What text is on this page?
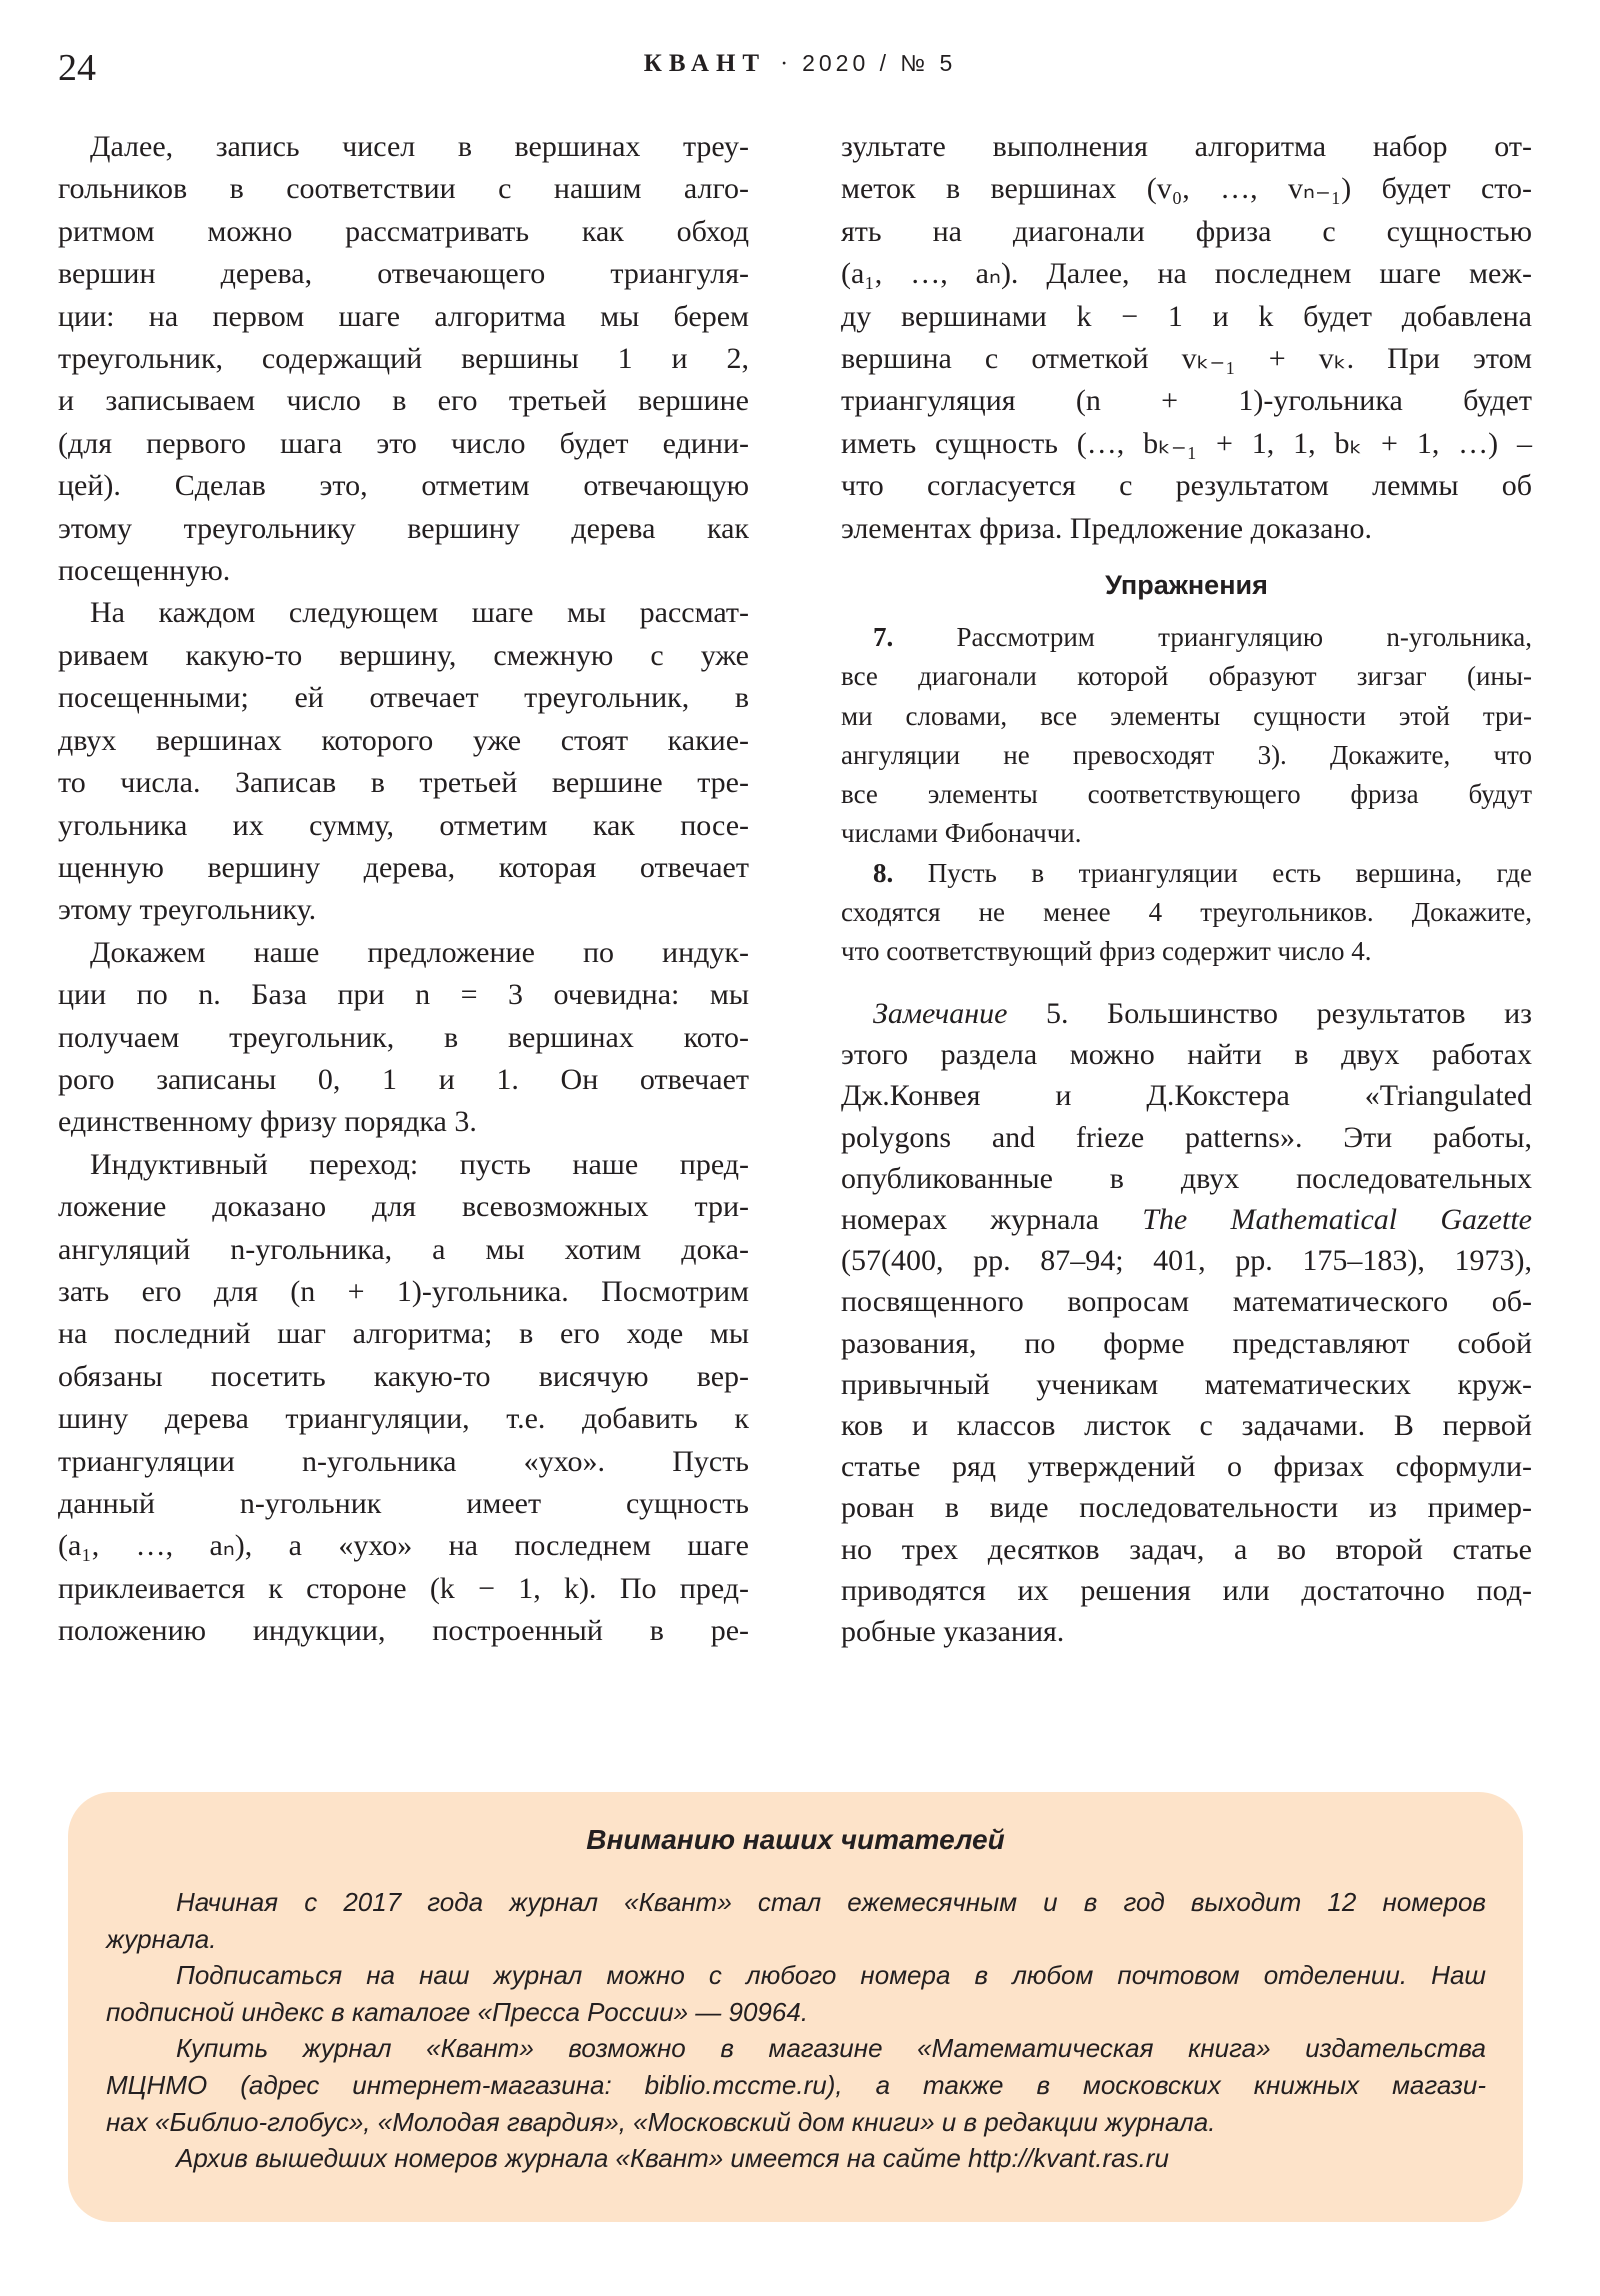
24	КВАНТ · 2020 / № 5
Далее, запись чисел в вершинах треу-
гольников в соответствии с нашим алго-
ритмом можно рассматривать как обход
вершин дерева, отвечающего триангуля-
ции: на первом шаге алгоритма мы берем
треугольник, содержащий вершины 1 и 2,
и записываем число в его третьей вершине
(для первого шага это число будет едини-
цей). Сделав это, отметим отвечающую
этому треугольнику вершину дерева как
посещенную.
На каждом следующем шаге мы рассмат-
риваем какую-то вершину, смежную с уже
посещенными; ей отвечает треугольник, в
двух вершинах которого уже стоят какие-
то числа. Записав в третьей вершине тре-
угольника их сумму, отметим как посе-
щенную вершину дерева, которая отвечает
этому треугольнику.
Докажем наше предложение по индук-
ции по n. База при n = 3 очевидна: мы
получаем треугольник, в вершинах кото-
рого записаны 0, 1 и 1. Он отвечает
единственному фризу порядка 3.
Индуктивный переход: пусть наше пред-
ложение доказано для всевозможных три-
ангуляций n-угольника, а мы хотим дока-
зать его для (n + 1)-угольника. Посмотрим
на последний шаг алгоритма; в его ходе мы
обязаны посетить какую-то висячую вер-
шину дерева триангуляции, т.е. добавить к
триангуляции n-угольника «ухо». Пусть
данный n-угольник имеет сущность
(a₁, …, aₙ), а «ухо» на последнем шаге
приклеивается к стороне (k − 1, k). По пред-
положению индукции, построенный в ре-
зультате выполнения алгоритма набор от-
меток в вершинах (v₀, …, vₙ₋₁) будет сто-
ять на диагонали фриза с сущностью
(a₁, …, aₙ). Далее, на последнем шаге меж-
ду вершинами k − 1 и k будет добавлена
вершина с отметкой vₖ₋₁ + vₖ. При этом
триангуляция (n + 1)-угольника будет
иметь сущность (…, bₖ₋₁ + 1, 1, bₖ + 1, …) –
что согласуется с результатом леммы об
элементах фриза. Предложение доказано.
Упражнения
7. Рассмотрим триангуляцию n-угольника,
все диагонали которой образуют зигзаг (ины-
ми словами, все элементы сущности этой три-
ангуляции не превосходят 3). Докажите, что
все элементы соответствующего фриза будут
числами Фибоначчи.
8. Пусть в триангуляции есть вершина, где
сходятся не менее 4 треугольников. Докажите,
что соответствующий фриз содержит число 4.
Замечание 5. Большинство результатов из
этого раздела можно найти в двух работах
Дж.Конвея и Д.Кокстера «Triangulated
polygons and frieze patterns». Эти работы,
опубликованные в двух последовательных
номерах журнала The Mathematical Gazette
(57(400, pp. 87–94; 401, pp. 175–183), 1973),
посвященного вопросам математического об-
разования, по форме представляют собой
привычный ученикам математических круж-
ков и классов листок с задачами. В первой
статье ряд утверждений о фризах сформули-
рован в виде последовательности из пример-
но трех десятков задач, а во второй статье
приводятся их решения или достаточно под-
робные указания.
Вниманию наших читателей
Начиная с 2017 года журнал «Квант» стал ежемесячным и в год выходит 12 номеров
журнала.
Подписаться на наш журнал можно с любого номера в любом почтовом отделении. Наш
подписной индекс в каталоге «Пресса России» — 90964.
Купить журнал «Квант» возможно в магазине «Математическая книга» издательства
МЦНМО (адрес интернет-магазина: biblio.mccme.ru), а также в московских книжных магази-
нах «Библио-глобус», «Молодая гвардия», «Московский дом книги» и в редакции журнала.
Архив вышедших номеров журнала «Квант» имеется на сайте http://kvant.ras.ru
